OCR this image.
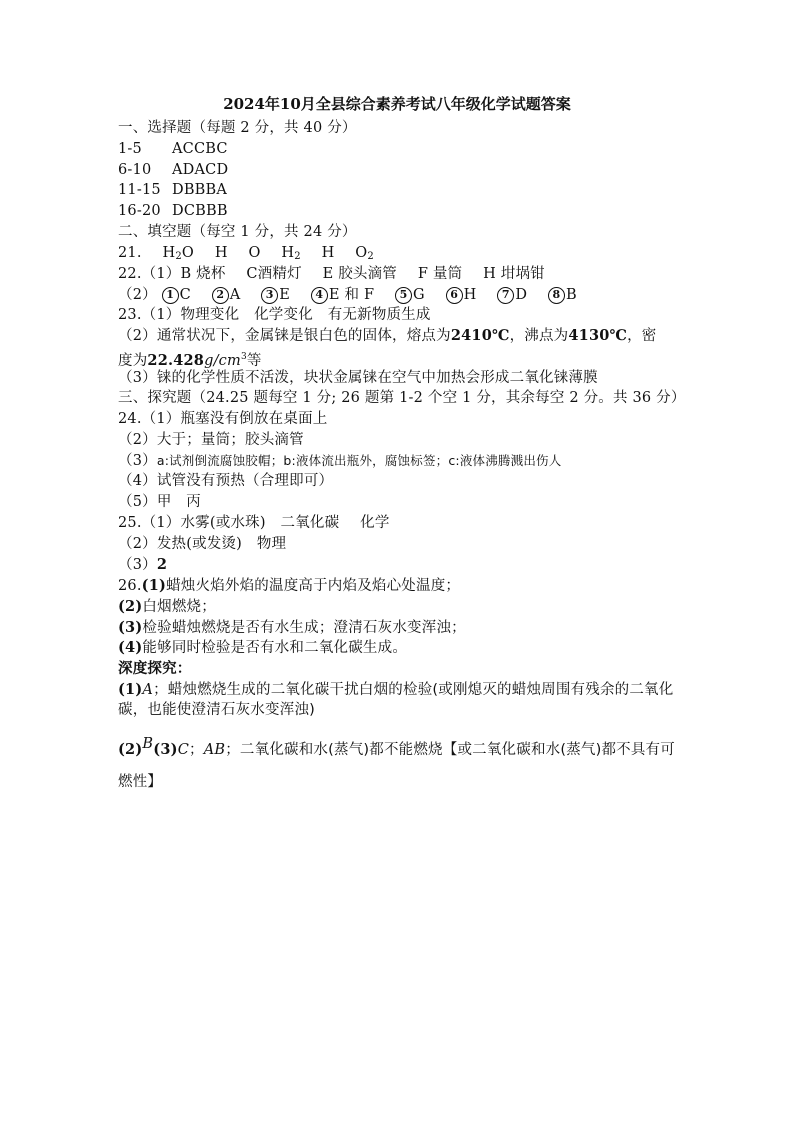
2024年10月全县综合素养考试八年级化学试题答案
一、选择题（每题 2 分，共 40 分）
1-5 ACCBC
6-10 ADACD
11-15 DBBBA
16-20 DCBBB
二、填空题（每空 1 分，共 24 分）
21. $H_2O$ H O $H_2$ H $O_2$
22.（1）B 烧杯 C酒精灯 E 胶头滴管 F 量筒 H 坩埚钳
（2） 1 C 2 A 3 E 4 E 和 F 5 G 6 H 7 D 8 B
23.（1）物理变化 化学变化 有无新物质生成
（2）通常状况下，金属铼是银白色的固体，熔点为2410℃，沸点为4130℃，密
度为$22.428g/cm^3$等
（3）铼的化学性质不活泼，块状金属铼在空气中加热会形成二氧化铼薄膜
三、探究题（24.25 题每空 1 分; 26 题第 1-2 个空 1 分，其余每空 2 分。共 36 分）
24.（1）瓶塞没有倒放在桌面上
（2）大于；量筒；胶头滴管
（3）a:试剂倒流腐蚀胶帽；b:液体流出瓶外，腐蚀标签；c:液体沸腾溅出伤人
（4）试管没有预热（合理即可）
（5）甲　丙
25.（1）水雾(或水珠) 二氧化碳 化学
（2）发热(或发烫) 物理
（3）2
26.(1)蜡烛火焰外焰的温度高于内焰及焰心处温度；
(2)白烟燃烧；
(3)检验蜡烛燃烧是否有水生成；澄清石灰水变浑浊；
(4)能够同时检验是否有水和二氧化碳生成。
深度探究：
(1)A；蜡烛燃烧生成的二氧化碳干扰白烟的检验(或刚熄灭的蜡烛周围有残余的二氧化碳，也能使澄清石灰水变浑浊)
(2)B(3)C；AB；二氧化碳和水(蒸气)都不能燃烧【或二氧化碳和水(蒸气)都不具有可燃性】
